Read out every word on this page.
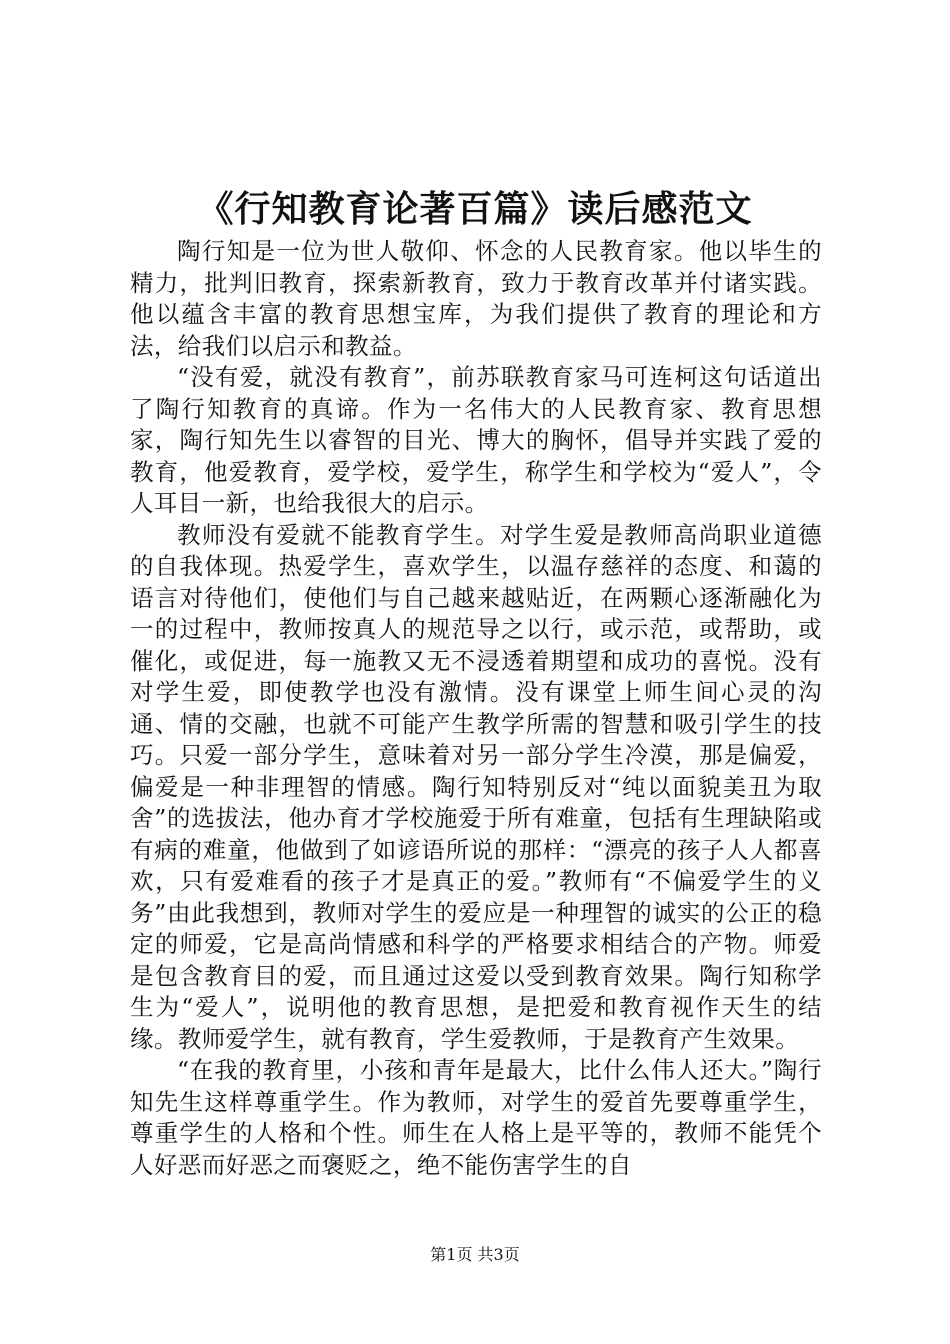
《行知教育论著百篇》读后感范文

陶行知是一位为世人敬仰、怀念的人民教育家。他以毕生的精力，批判旧教育，探索新教育，致力于教育改革并付诸实践。他以蕴含丰富的教育思想宝库，为我们提供了教育的理论和方法，给我们以启示和教益。

“没有爱，就没有教育”，前苏联教育家马可连柯这句话道出了陶行知教育的真谛。作为一名伟大的人民教育家、教育思想家，陶行知先生以睿智的目光、博大的胸怀，倡导并实践了爱的教育，他爱教育，爱学校，爱学生，称学生和学校为“爱人”，令人耳目一新，也给我很大的启示。

教师没有爱就不能教育学生。对学生爱是教师高尚职业道德的自我体现。热爱学生，喜欢学生，以温存慈祥的态度、和蔼的语言对待他们，使他们与自己越来越贴近，在两颗心逐渐融化为一的过程中，教师按真人的规范导之以行，或示范，或帮助，或催化，或促进，每一施教又无不浸透着期望和成功的喜悦。没有对学生爱，即使教学也没有激情。没有课堂上师生间心灵的沟通、情的交融，也就不可能产生教学所需的智慧和吸引学生的技巧。只爱一部分学生，意味着对另一部分学生冷漠，那是偏爱，偏爱是一种非理智的情感。陶行知特别反对“纯以面貌美丑为取舍”的选拔法，他办育才学校施爱于所有难童，包括有生理缺陷或有病的难童，他做到了如谚语所说的那样：“漂亮的孩子人人都喜欢，只有爱难看的孩子才是真正的爱。”教师有“不偏爱学生的义务”由此我想到，教师对学生的爱应是一种理智的诚实的公正的稳定的师爱，它是高尚情感和科学的严格要求相结合的产物。师爱是包含教育目的爱，而且通过这爱以受到教育效果。陶行知称学生为“爱人”，说明他的教育思想，是把爱和教育视作天生的结缘。教师爱学生，就有教育，学生爱教师，于是教育产生效果。

“在我的教育里，小孩和青年是最大，比什么伟人还大。”陶行知先生这样尊重学生。作为教师，对学生的爱首先要尊重学生，尊重学生的人格和个性。师生在人格上是平等的，教师不能凭个人好恶而好恶之而褒贬之，绝不能伤害学生的自

第1页 共3页
